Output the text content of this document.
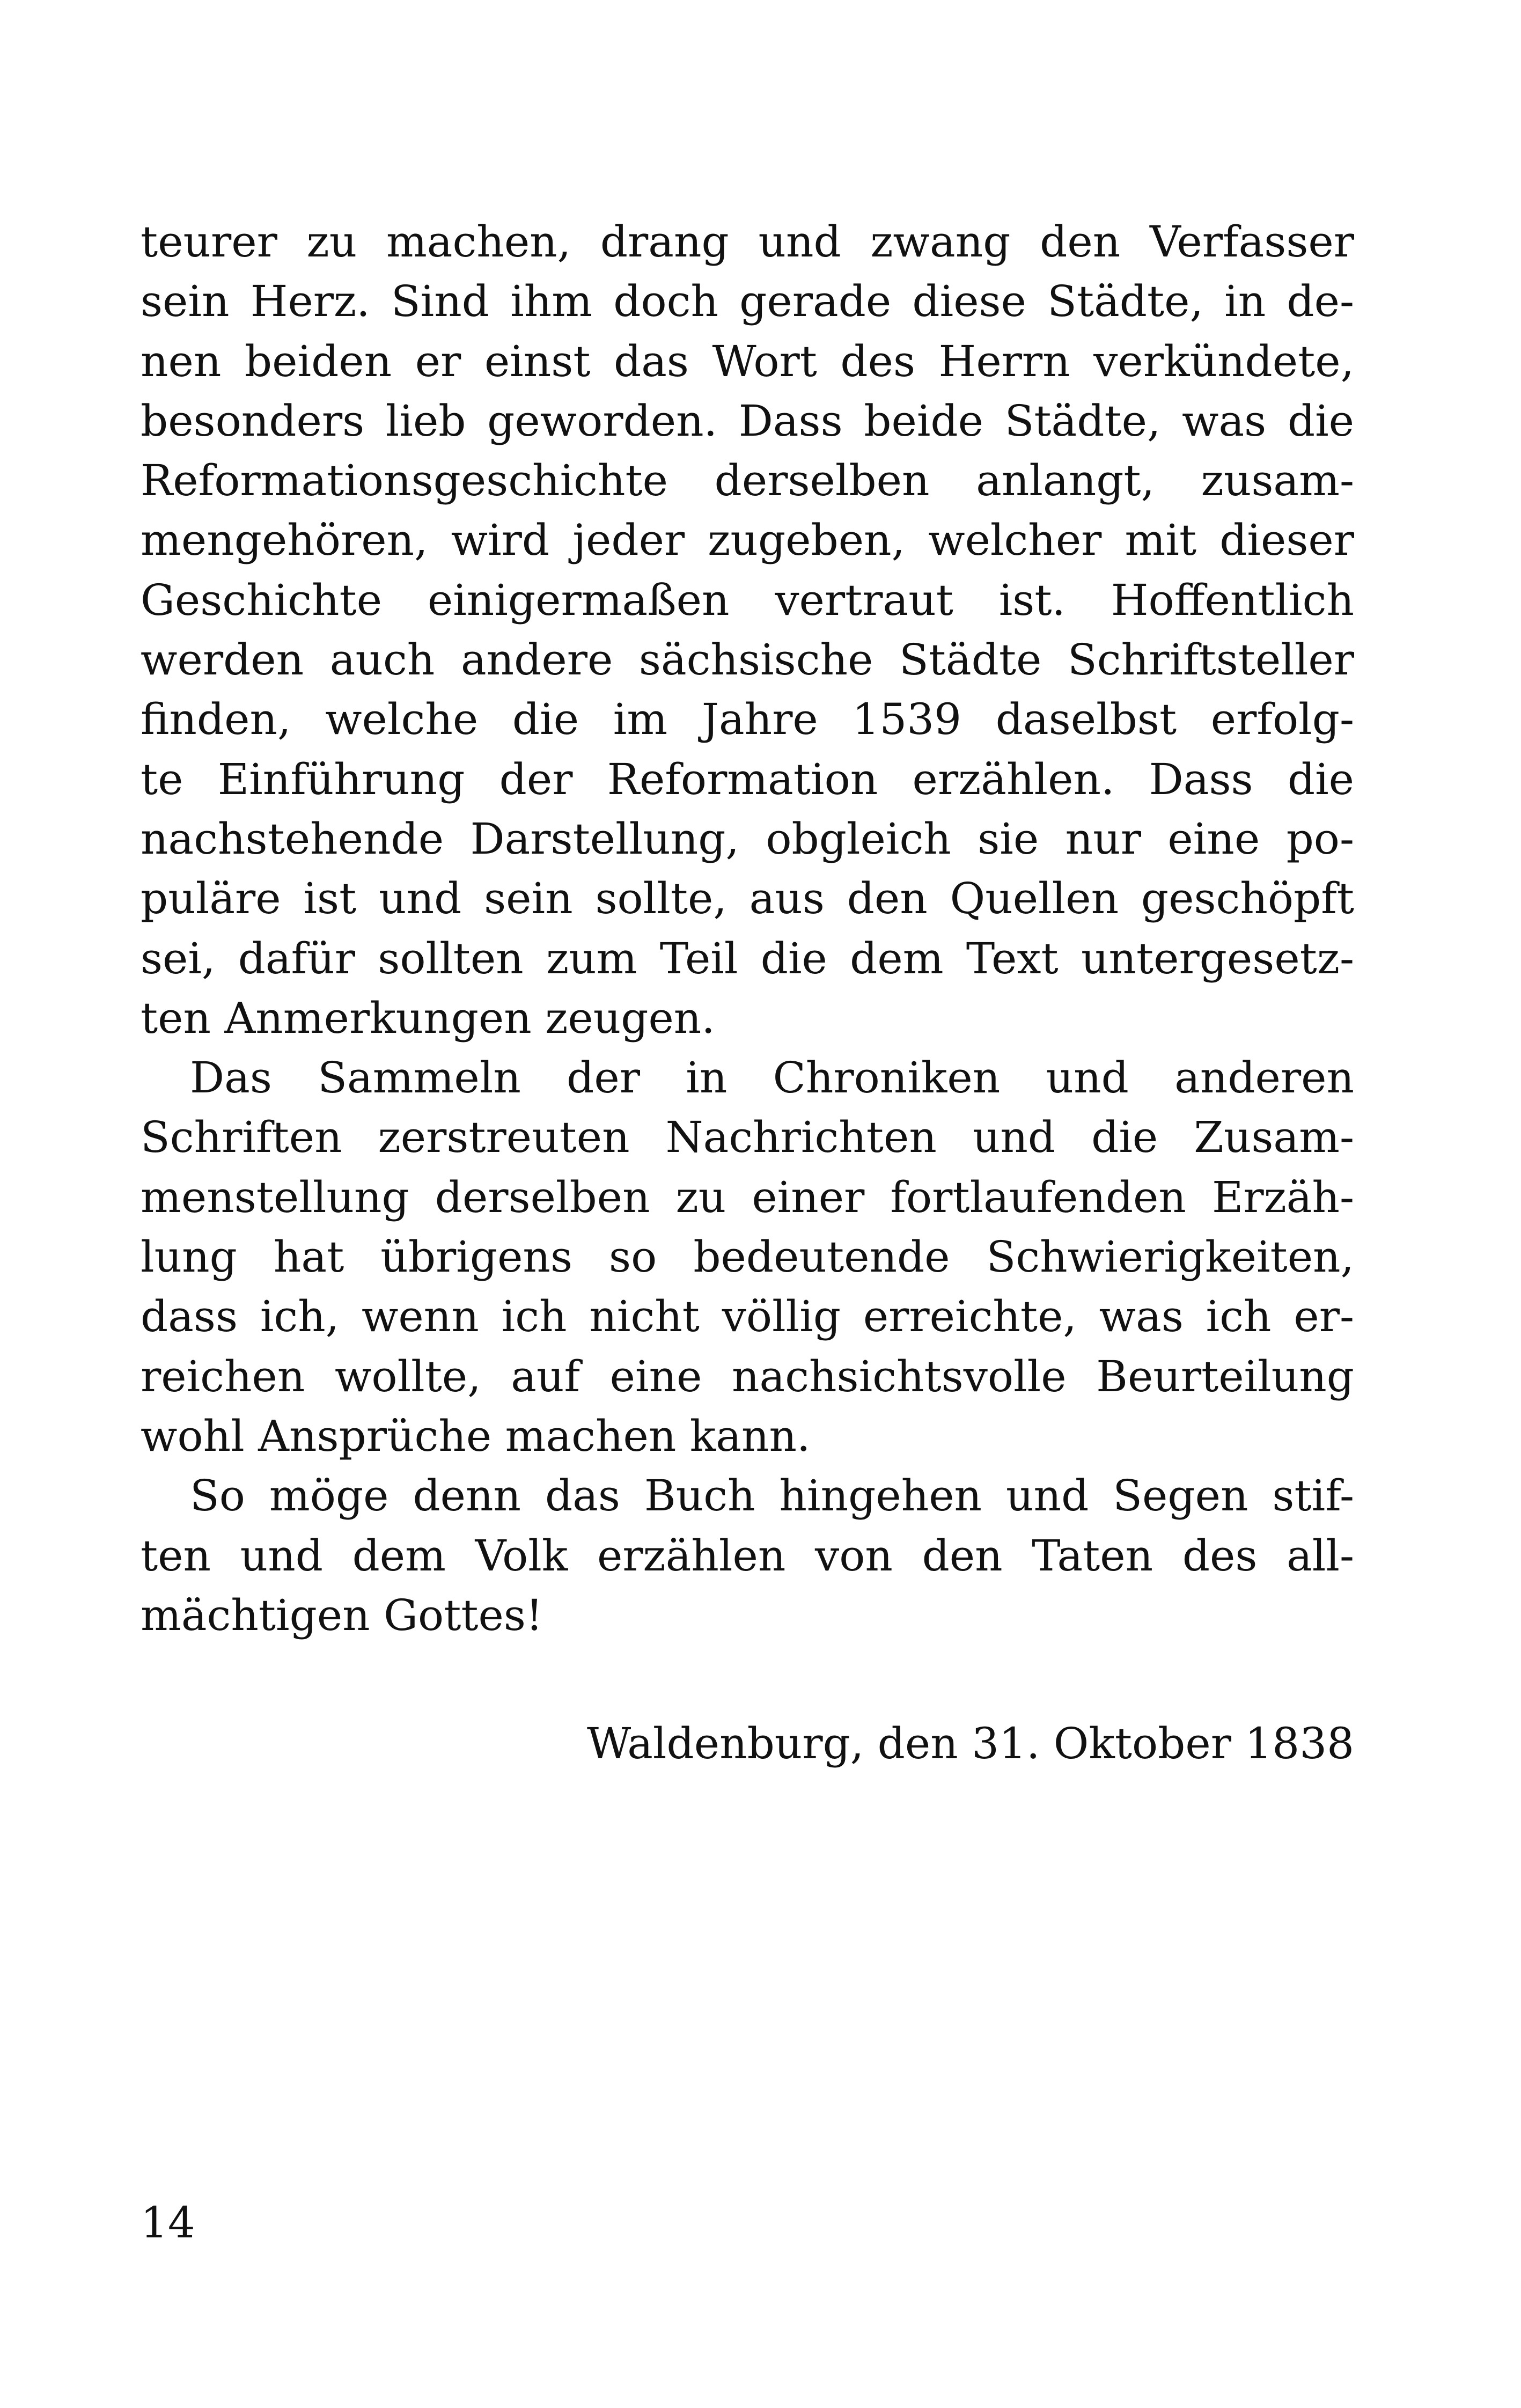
teurer zu machen, drang und zwang den Verfasser
sein Herz. Sind ihm doch gerade diese Städte, in de-
nen beiden er einst das Wort des Herrn verkündete,
besonders lieb geworden. Dass beide Städte, was die
Reformationsgeschichte derselben anlangt, zusam-
mengehören, wird jeder zugeben, welcher mit dieser
Geschichte einigermaßen vertraut ist. Hoffentlich
werden auch andere sächsische Städte Schriftsteller
finden, welche die im Jahre 1539 daselbst erfolg-
te Einführung der Reformation erzählen. Dass die
nachstehende Darstellung, obgleich sie nur eine po-
puläre ist und sein sollte, aus den Quellen geschöpft
sei, dafür sollten zum Teil die dem Text untergesetz-
ten Anmerkungen zeugen.
Das Sammeln der in Chroniken und anderen
Schriften zerstreuten Nachrichten und die Zusam-
menstellung derselben zu einer fortlaufenden Erzäh-
lung hat übrigens so bedeutende Schwierigkeiten,
dass ich, wenn ich nicht völlig erreichte, was ich er-
reichen wollte, auf eine nachsichtsvolle Beurteilung
wohl Ansprüche machen kann.
So möge denn das Buch hingehen und Segen stif-
ten und dem Volk erzählen von den Taten des all-
mächtigen Gottes!
Waldenburg, den 31. Oktober 1838
14
